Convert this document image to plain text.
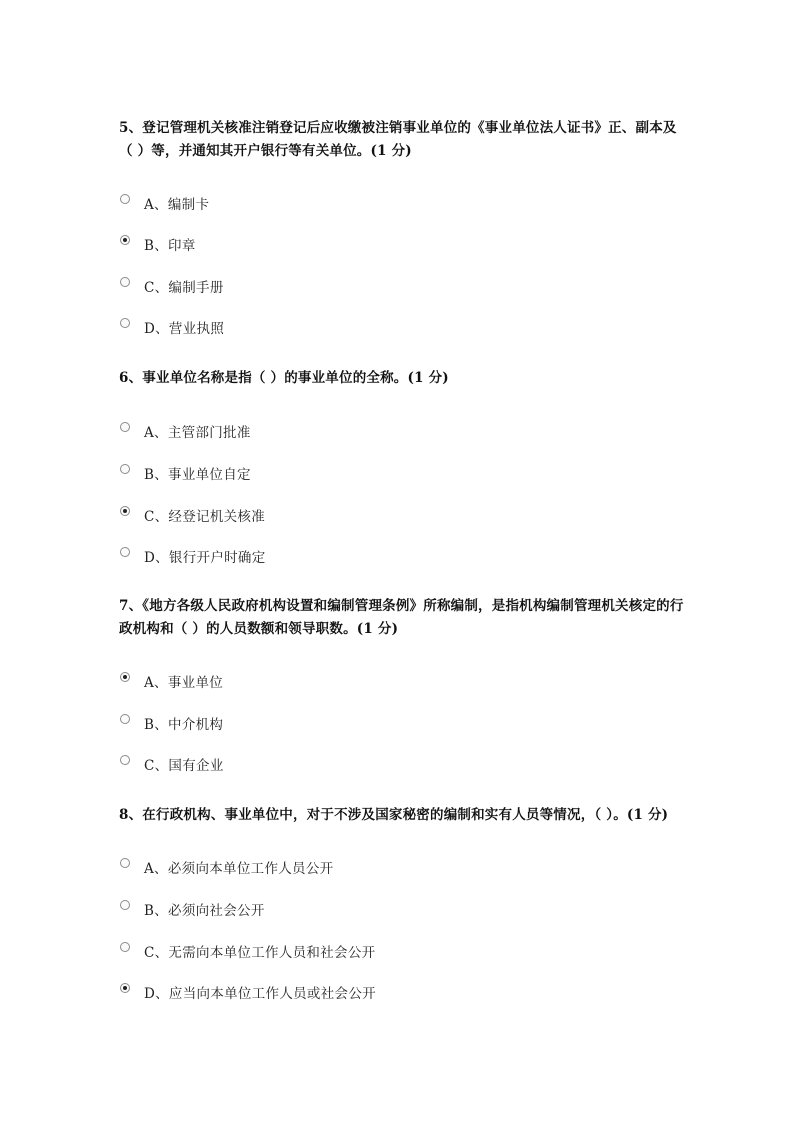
5、登记管理机关核准注销登记后应收缴被注销事业单位的《事业单位法人证书》正、副本及（ ）等，并通知其开户银行等有关单位。(1 分)
A、编制卡
B、印章
C、编制手册
D、营业执照
6、事业单位名称是指（ ）的事业单位的全称。(1 分)
A、主管部门批准
B、事业单位自定
C、经登记机关核准
D、银行开户时确定
7、《地方各级人民政府机构设置和编制管理条例》所称编制，是指机构编制管理机关核定的行政机构和（ ）的人员数额和领导职数。(1 分)
A、事业单位
B、中介机构
C、国有企业
8、在行政机构、事业单位中，对于不涉及国家秘密的编制和实有人员等情况，（ ）。(1 分)
A、必须向本单位工作人员公开
B、必须向社会公开
C、无需向本单位工作人员和社会公开
D、应当向本单位工作人员或社会公开
